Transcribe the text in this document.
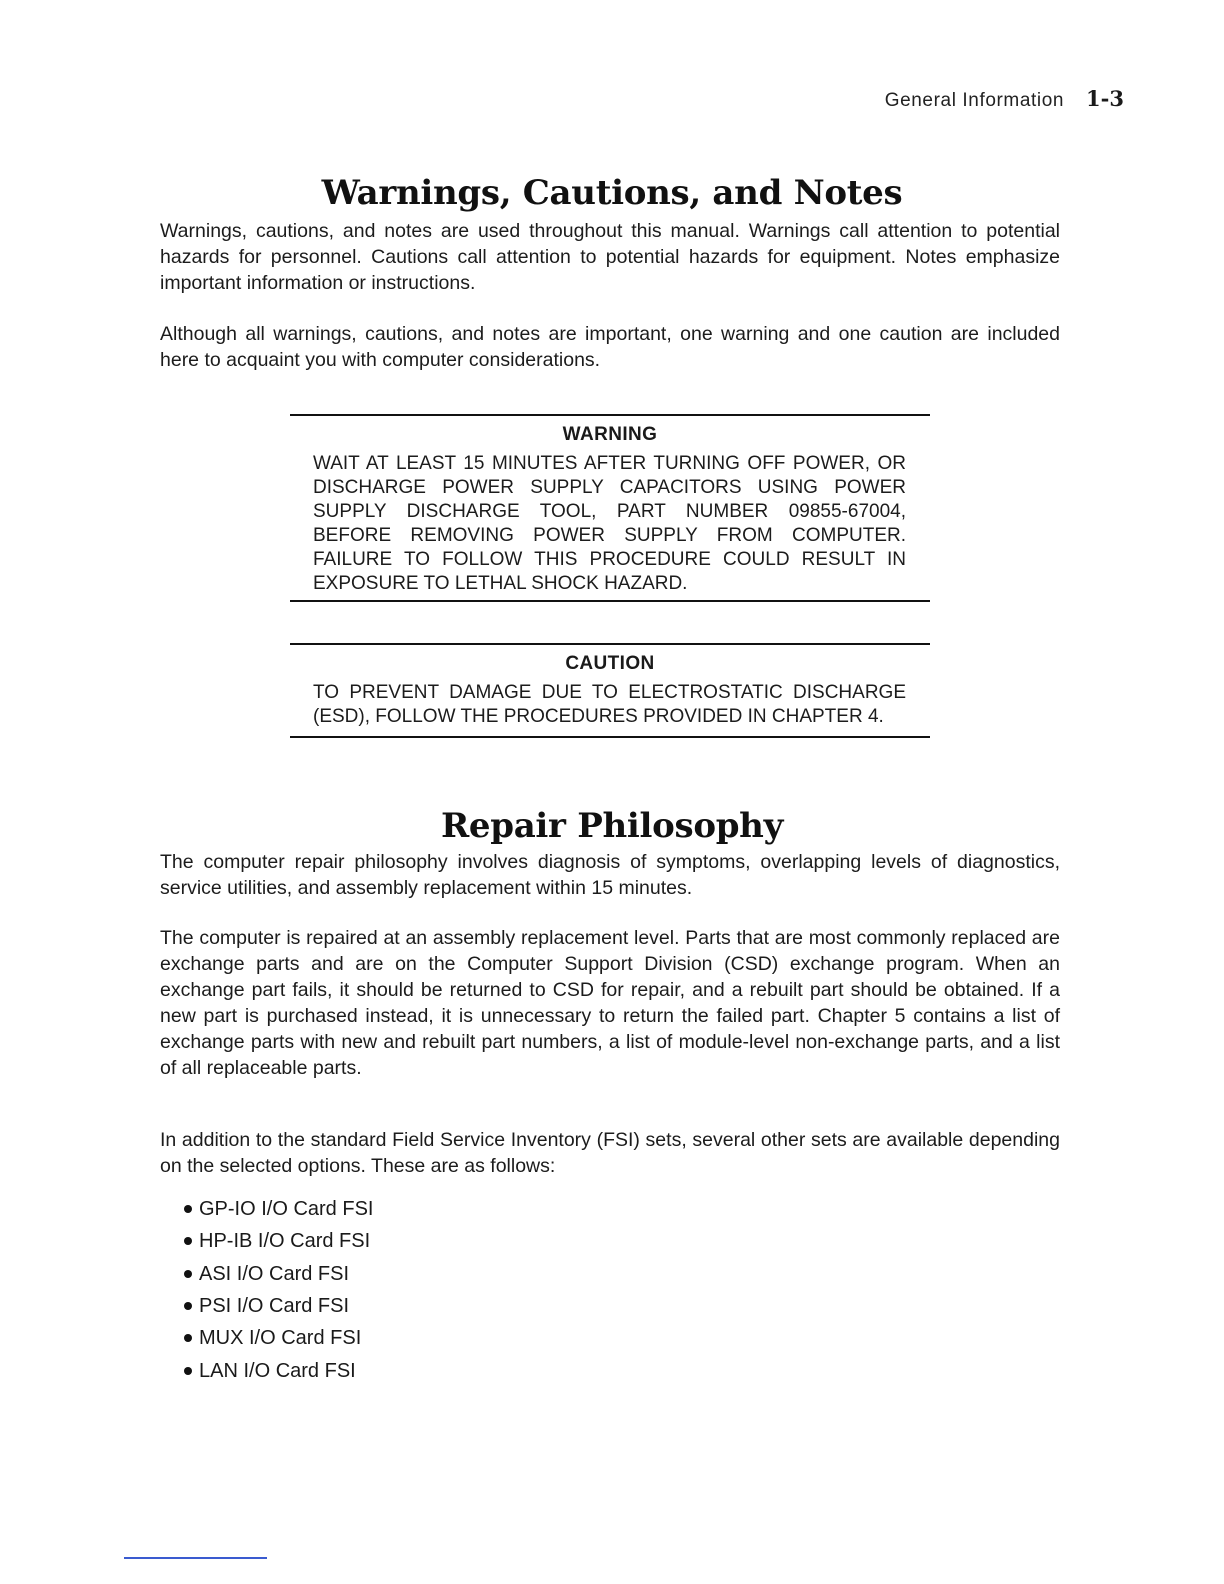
General Information 1-3
Warnings, Cautions, and Notes

Warnings, cautions, and notes are used throughout this manual. Warnings call attention to potential hazards for personnel. Cautions call attention to potential hazards for equipment. Notes emphasize important information or instructions.

Although all warnings, cautions, and notes are important, one warning and one caution are included here to acquaint you with computer considerations.

WARNING
WAIT AT LEAST 15 MINUTES AFTER TURNING OFF POWER, OR DISCHARGE POWER SUPPLY CAPACITORS USING POWER SUPPLY DISCHARGE TOOL, PART NUMBER 09855-67004, BEFORE REMOVING POWER SUPPLY FROM COMPUTER. FAILURE TO FOLLOW THIS PROCEDURE COULD RESULT IN EXPOSURE TO LETHAL SHOCK HAZARD.
CAUTION
TO PREVENT DAMAGE DUE TO ELECTROSTATIC DISCHARGE (ESD), FOLLOW THE PROCEDURES PROVIDED IN CHAPTER 4.
Repair Philosophy

The computer repair philosophy involves diagnosis of symptoms, overlapping levels of diagnostics, service utilities, and assembly replacement within 15 minutes.

The computer is repaired at an assembly replacement level. Parts that are most commonly replaced are exchange parts and are on the Computer Support Division (CSD) exchange program. When an exchange part fails, it should be returned to CSD for repair, and a rebuilt part should be obtained. If a new part is purchased instead, it is unnecessary to return the failed part. Chapter 5 contains a list of exchange parts with new and rebuilt part numbers, a list of module-level non-exchange parts, and a list of all replaceable parts.

In addition to the standard Field Service Inventory (FSI) sets, several other sets are available depending on the selected options. These are as follows:

GP-IO I/O Card FSI
HP-IB I/O Card FSI
ASI I/O Card FSI
PSI I/O Card FSI
MUX I/O Card FSI
LAN I/O Card FSI
